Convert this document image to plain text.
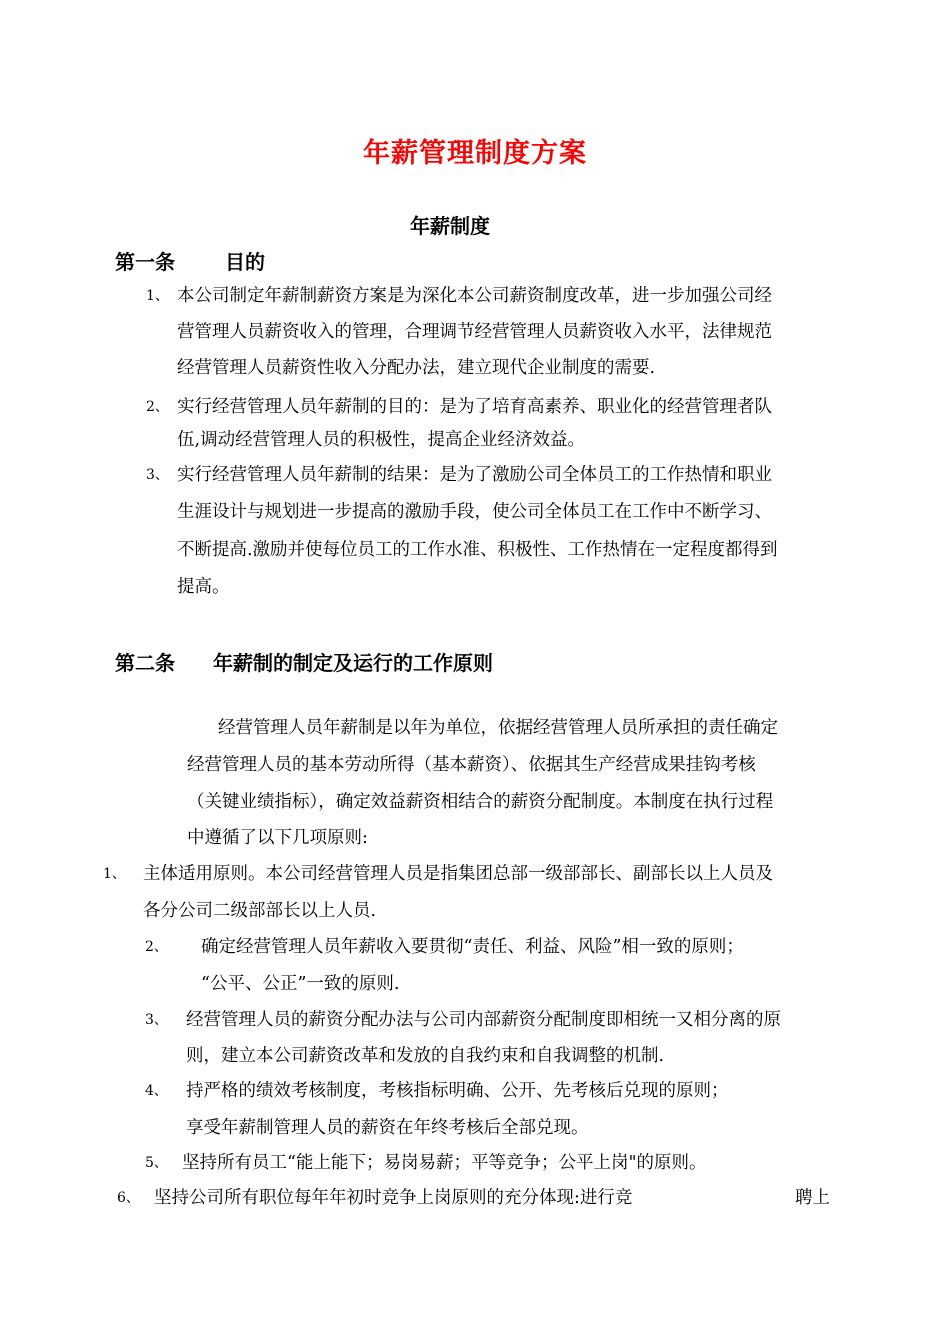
年薪管理制度方案
年薪制度
第一条	目的
1、 本公司制定年薪制薪资方案是为深化本公司薪资制度改革，进一步加强公司经
营管理人员薪资收入的管理，合理调节经营管理人员薪资收入水平，法律规范
经营管理人员薪资性收入分配办法，建立现代企业制度的需要.
2、 实行经营管理人员年薪制的目的：是为了培育高素养、职业化的经营管理者队
伍,调动经营管理人员的积极性，提高企业经济效益。
3、 实行经营管理人员年薪制的结果：是为了激励公司全体员工的工作热情和职业
生涯设计与规划进一步提高的激励手段，使公司全体员工在工作中不断学习、
不断提高.激励并使每位员工的工作水准、积极性、工作热情在一定程度都得到
提高。
第二条 年薪制的制定及运行的工作原则
经营管理人员年薪制是以年为单位，依据经营管理人员所承担的责任确定
经营管理人员的基本劳动所得（基本薪资）、依据其生产经营成果挂钩考核
（关键业绩指标），确定效益薪资相结合的薪资分配制度。本制度在执行过程
中遵循了以下几项原则:
1、 主体适用原则。本公司经营管理人员是指集团总部一级部部长、副部长以上人员及
各分公司二级部部长以上人员.
2、 确定经营管理人员年薪收入要贯彻“责任、利益、风险”相一致的原则；
“公平、公正”一致的原则.
3、 经营管理人员的薪资分配办法与公司内部薪资分配制度即相统一又相分离的原
则，建立本公司薪资改革和发放的自我约束和自我调整的机制.
4、 持严格的绩效考核制度，考核指标明确、公开、先考核后兑现的原则；
享受年薪制管理人员的薪资在年终考核后全部兑现。
5、 坚持所有员工“能上能下；易岗易薪；平等竞争；公平上岗"的原则。
6、 坚持公司所有职位每年年初时竞争上岗原则的充分体现:进行竞	聘上
